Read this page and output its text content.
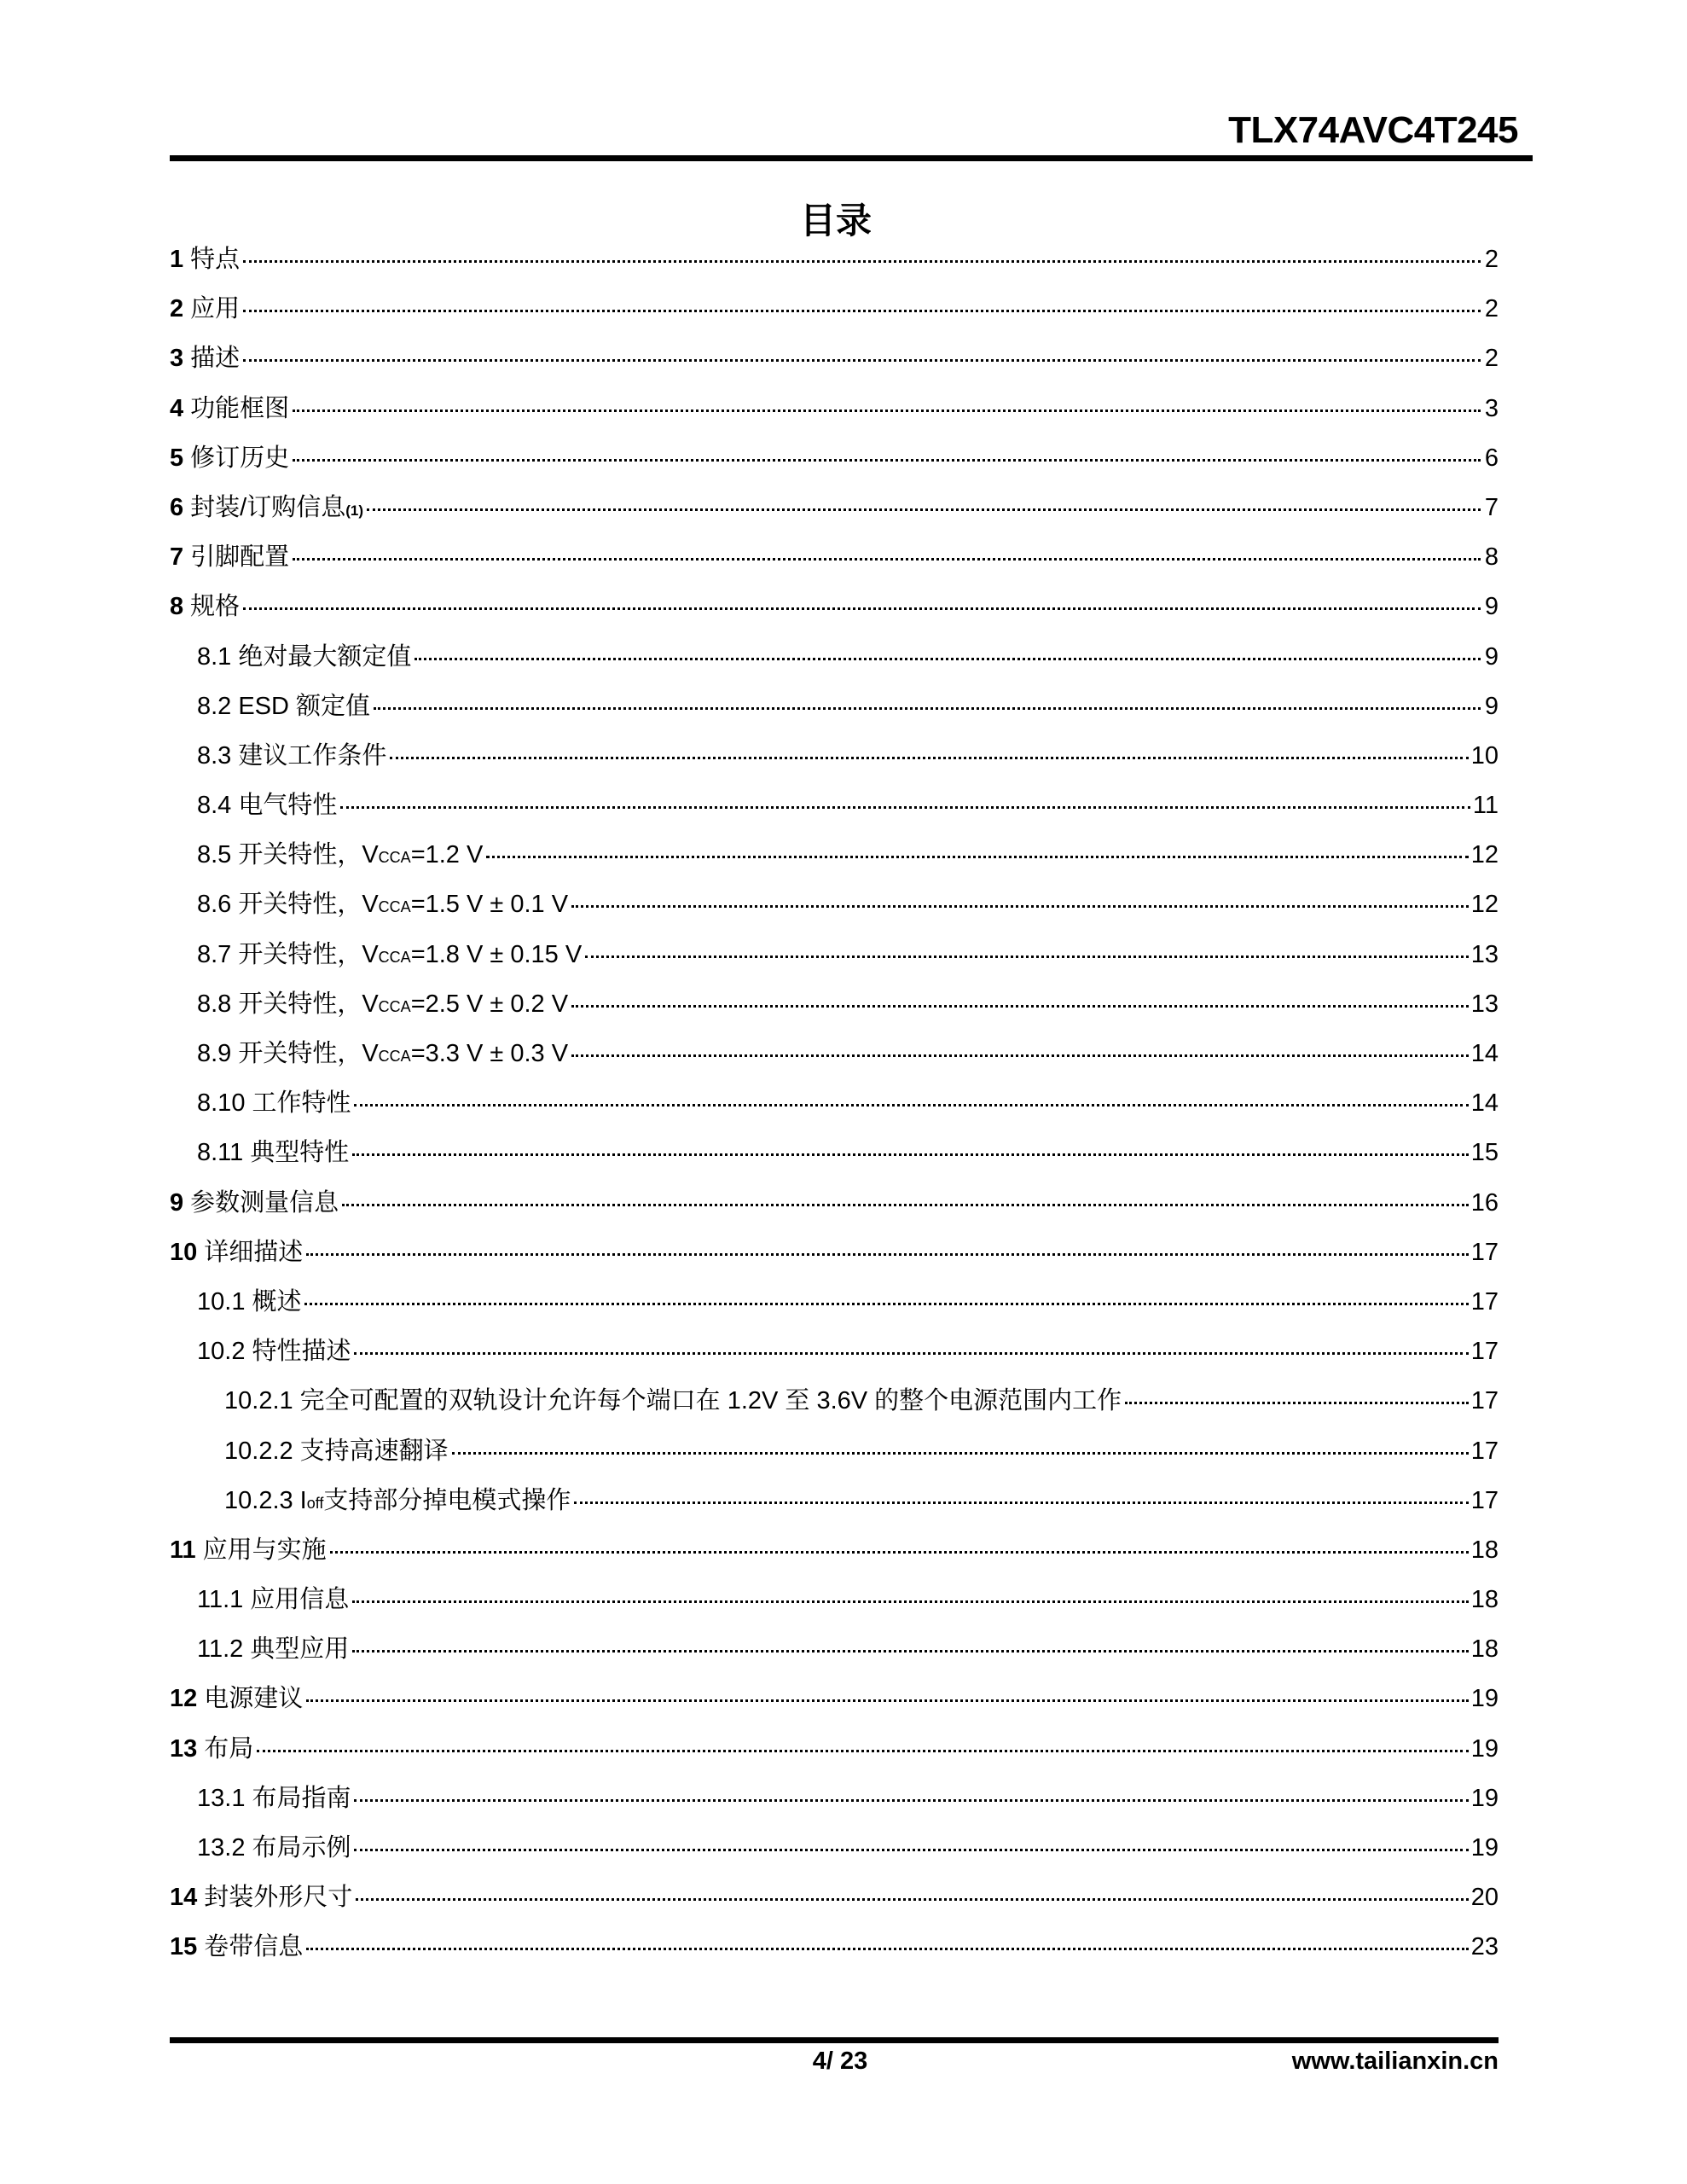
TLX74AVC4T245
目录
1 特点	2
2 应用	2
3 描述	2
4 功能框图	3
5 修订历史	6
6 封装/订购信息 (1)	7
7 引脚配置	8
8 规格	9
8.1 绝对最大额定值	9
8.2 ESD 额定值	9
8.3 建议工作条件	10
8.4 电气特性	11
8.5 开关特性，V CCA =1.2 V	12
8.6 开关特性，V CCA =1.5 V ± 0.1 V	12
8.7 开关特性，V CCA =1.8 V ± 0.15 V	13
8.8 开关特性，V CCA =2.5 V ± 0.2 V	13
8.9 开关特性，V CCA =3.3 V ± 0.3 V	14
8.10 工作特性	14
8.11 典型特性	15
9 参数测量信息	16
10 详细描述	17
10.1 概述	17
10.2 特性描述	17
10.2.1 完全可配置的双轨设计允许每个端口在 1.2V 至 3.6V 的整个电源范围内工作	17
10.2.2 支持高速翻译	17
10.2.3 I off 支持部分掉电模式操作	17
11 应用与实施	18
11.1 应用信息	18
11.2 典型应用	18
12 电源建议	19
13 布局	19
13.1 布局指南	19
13.2 布局示例	19
14 封装外形尺寸	20
15 卷带信息	23
4/ 23	www.tailianxin.cn
